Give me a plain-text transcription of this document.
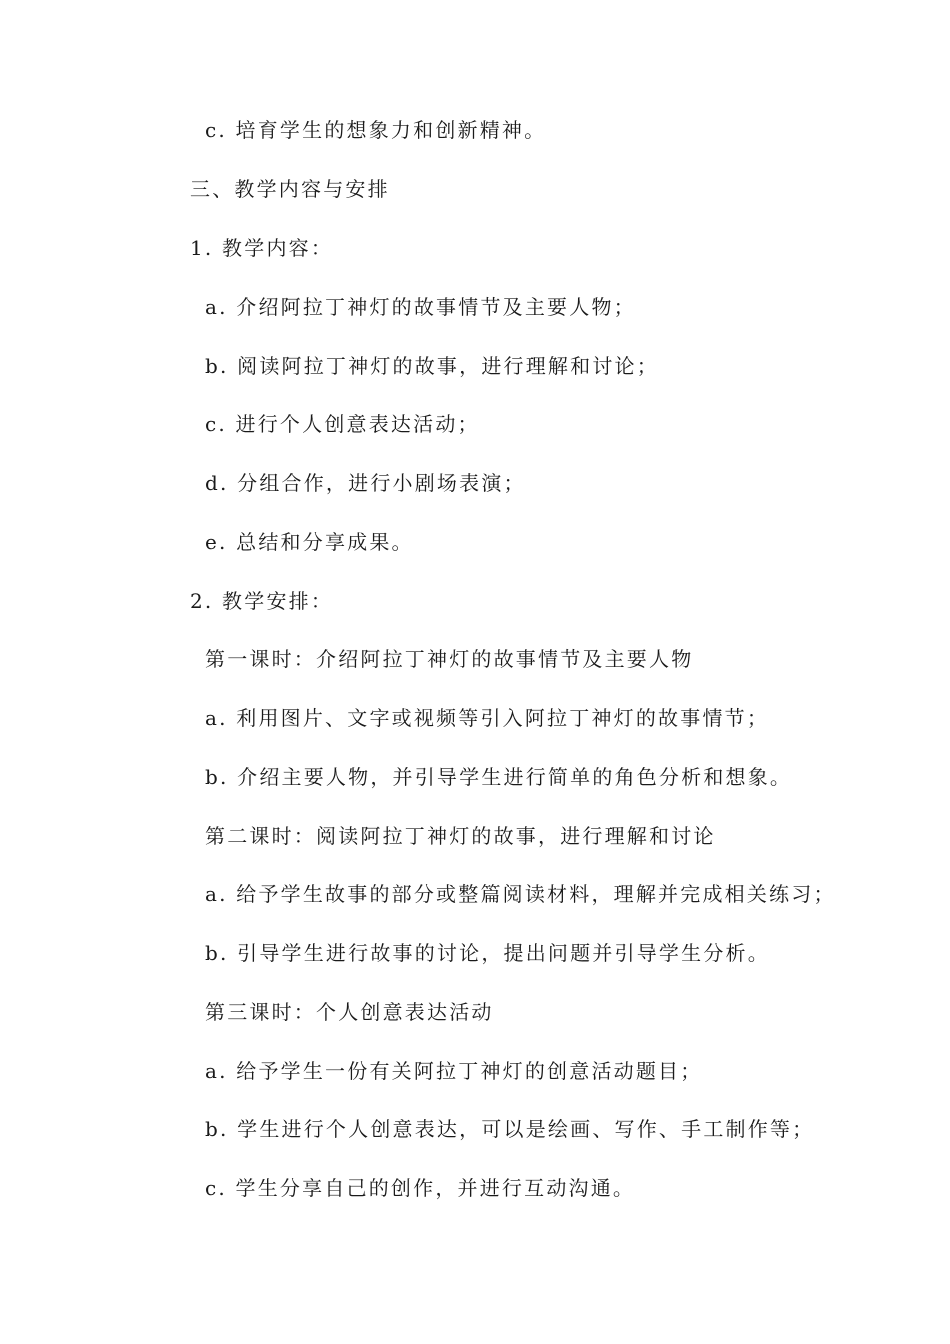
c. 培育学生的想象力和创新精神。
三、教学内容与安排
1. 教学内容：
a. 介绍阿拉丁神灯的故事情节及主要人物；
b. 阅读阿拉丁神灯的故事，进行理解和讨论；
c. 进行个人创意表达活动；
d. 分组合作，进行小剧场表演；
e. 总结和分享成果。
2. 教学安排：
第一课时：介绍阿拉丁神灯的故事情节及主要人物
a. 利用图片、文字或视频等引入阿拉丁神灯的故事情节；
b. 介绍主要人物，并引导学生进行简单的角色分析和想象。
第二课时：阅读阿拉丁神灯的故事，进行理解和讨论
a. 给予学生故事的部分或整篇阅读材料，理解并完成相关练习；
b. 引导学生进行故事的讨论，提出问题并引导学生分析。
第三课时：个人创意表达活动
a. 给予学生一份有关阿拉丁神灯的创意活动题目；
b. 学生进行个人创意表达，可以是绘画、写作、手工制作等；
c. 学生分享自己的创作，并进行互动沟通。
